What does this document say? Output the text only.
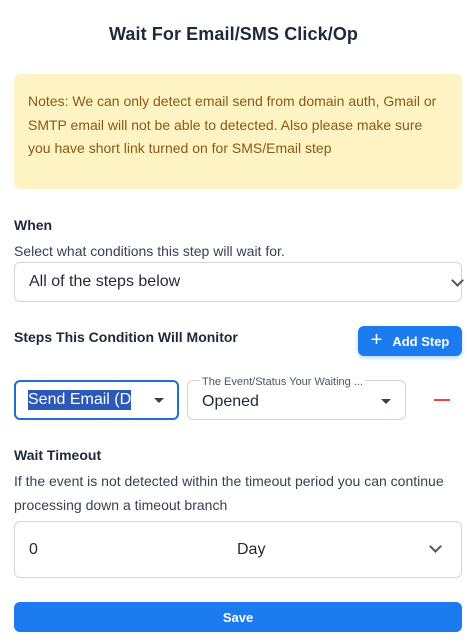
Wait For Email/SMS Click/Op

Notes: We can only detect email send from domain auth, Gmail or SMTP email will not be able to detected. Also please make sure you have short link turned on for SMS/Email step

When
Select what conditions this step will wait for.
All of the steps below
Steps This Condition Will Monitor	+ Add Step
Send Email (D
The Event/Status Your Waiting ...
Opened
Wait Timeout
If the event is not detected within the timeout period you can continue processing down a timeout branch
0	Day
Save
